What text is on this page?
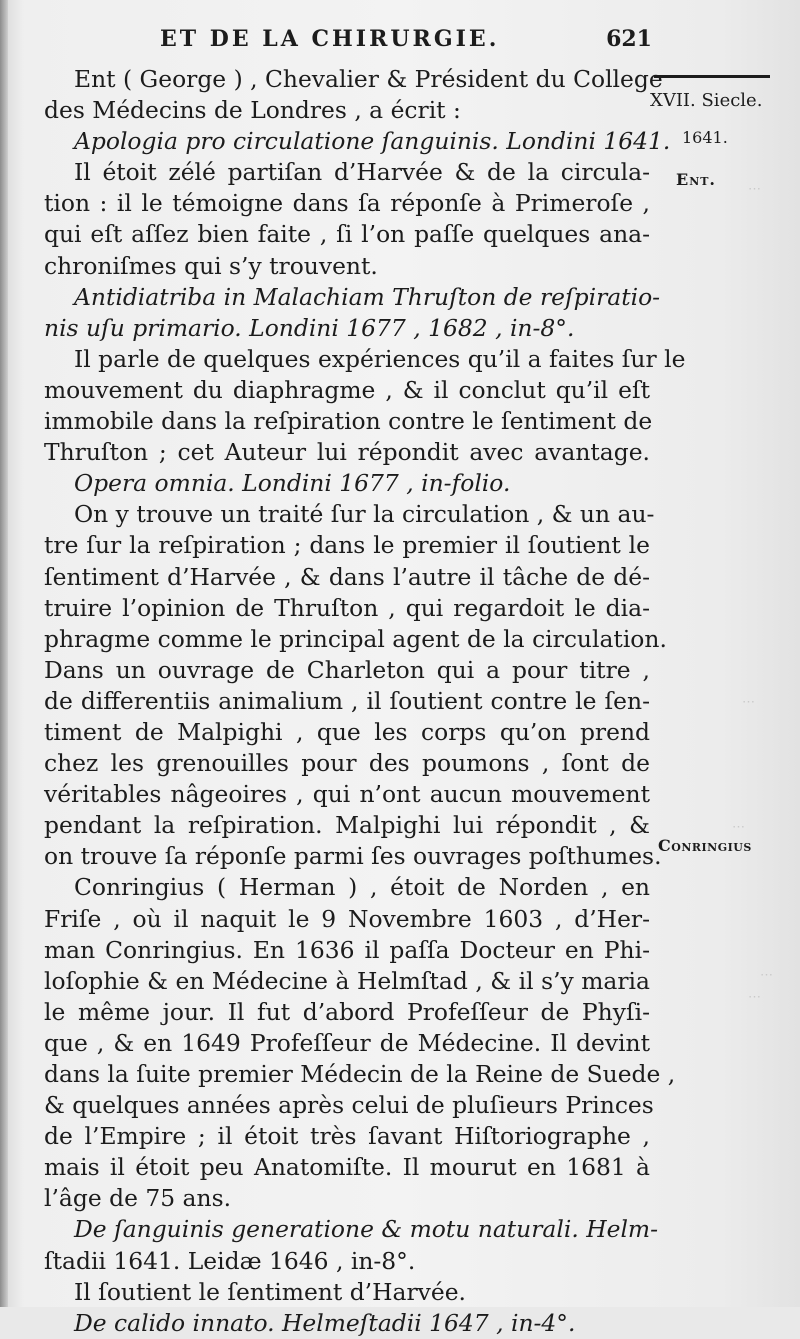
ET DE LA CHIRURGIE.	621
XVII. Siecle.
1641.
Ent.
Conringius
Ent ( George ) , Chevalier & Président du College
des Médecins de Londres , a écrit :
Apologia pro circulatione ſanguinis. Londini 1641.
Il étoit zélé partiſan d’Harvée & de la circula-
tion : il le témoigne dans ſa réponſe à Primeroſe ,
qui eſt aſſez bien faite , ſi l’on paſſe quelques ana-
chroniſmes qui s’y trouvent.
Antidiatriba in Malachiam Thruſton de reſpiratio-
nis uſu primario. Londini 1677 , 1682 , in-8°.
Il parle de quelques expériences qu’il a faites ſur le
mouvement du diaphragme , & il conclut qu’il eſt
immobile dans la reſpiration contre le ſentiment de
Thruſton ; cet Auteur lui répondit avec avantage.
Opera omnia. Londini 1677 , in-folio.
On y trouve un traité ſur la circulation , & un au-
tre ſur la reſpiration ; dans le premier il ſoutient le
ſentiment d’Harvée , & dans l’autre il tâche de dé-
truire l’opinion de Thruſton , qui regardoit le dia-
phragme comme le principal agent de la circulation.
Dans un ouvrage de Charleton qui a pour titre ,
de differentiis animalium , il ſoutient contre le ſen-
timent de Malpighi , que les corps qu’on prend
chez les grenouilles pour des poumons , ſont de
véritables nâgeoires , qui n’ont aucun mouvement
pendant la reſpiration. Malpighi lui répondit , &
on trouve ſa réponſe parmi ſes ouvrages poſthumes.
Conringius ( Herman ) , étoit de Norden , en
Friſe , où il naquit le 9 Novembre 1603 , d’Her-
man Conringius. En 1636 il paſſa Docteur en Phi-
loſophie & en Médecine à Helmſtad , & il s’y maria
le même jour. Il fut d’abord Profeſſeur de Phyſi-
que , & en 1649 Profeſſeur de Médecine. Il devint
dans la ſuite premier Médecin de la Reine de Suede ,
& quelques années après celui de pluſieurs Princes
de l’Empire ; il étoit très ſavant Hiſtoriographe ,
mais il étoit peu Anatomiſte. Il mourut en 1681 à
l’âge de 75 ans.
De ſanguinis generatione & motu naturali. Helm-
ſtadii 1641. Leidæ 1646 , in-8°.
Il ſoutient le ſentiment d’Harvée.
De calido innato. Helmeſtadii 1647 , in-4°.
⋯
⋯
⋯
⋯
⋯
